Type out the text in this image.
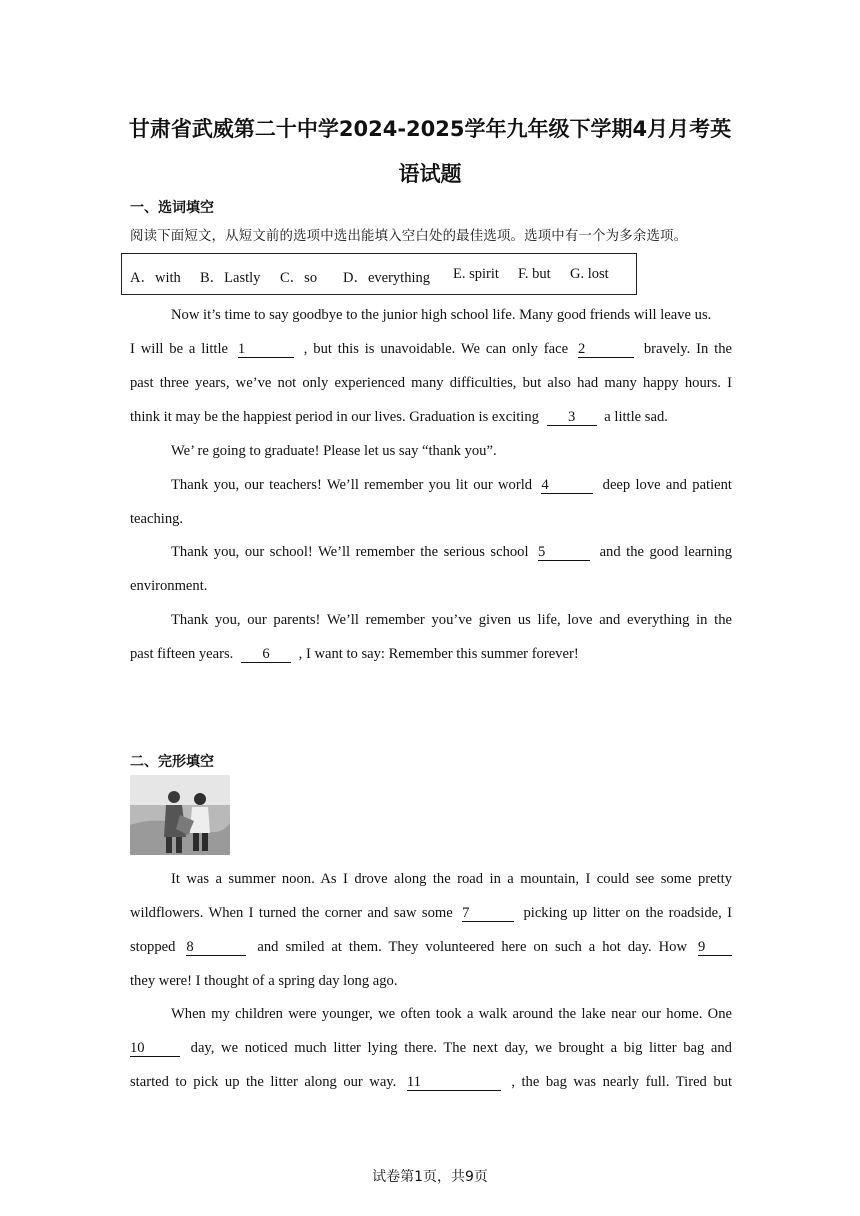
甘肃省武威第二十中学2024-2025学年九年级下学期4月月考英
语试题
一、选词填空
阅读下面短文，从短文前的选项中选出能填入空白处的最佳选项。选项中有一个为多余选项。
A．with B．Lastly C．so D．everything E. spirit F. but G. lost
Now it’s time to say goodbye to the junior high school life. Many good friends will leave us.
I will be a little 1	, but this is unavoidable. We can only face 2	bravely. In the
past three years, we’ve not only experienced many difficulties, but also had many happy hours. I
think it may be the happiest period in our lives. Graduation is exciting 3 a little sad.
We’ re going to graduate! Please let us say “thank you”.
Thank you, our teachers! We’ll remember you lit our world 4	deep love and patient
teaching.
Thank you, our school! We’ll remember the serious school 5	and the good learning
environment.
Thank you, our parents! We’ll remember you’ve given us life, love and everything in the
past fifteen years. 6 , I want to say: Remember this summer forever!
二、完形填空
It was a summer noon. As I drove along the road in a mountain, I could see some pretty
wildflowers. When I turned the corner and saw some 7	picking up litter on the roadside, I
stopped 8	and smiled at them. They volunteered here on such a hot day. How 9
they were! I thought of a spring day long ago.
When my children were younger, we often took a walk around the lake near our home. One
10	day, we noticed much litter lying there. The next day, we brought a big litter bag and
started to pick up the litter along our way. 11	, the bag was nearly full. Tired but
试卷第1页，共9页
